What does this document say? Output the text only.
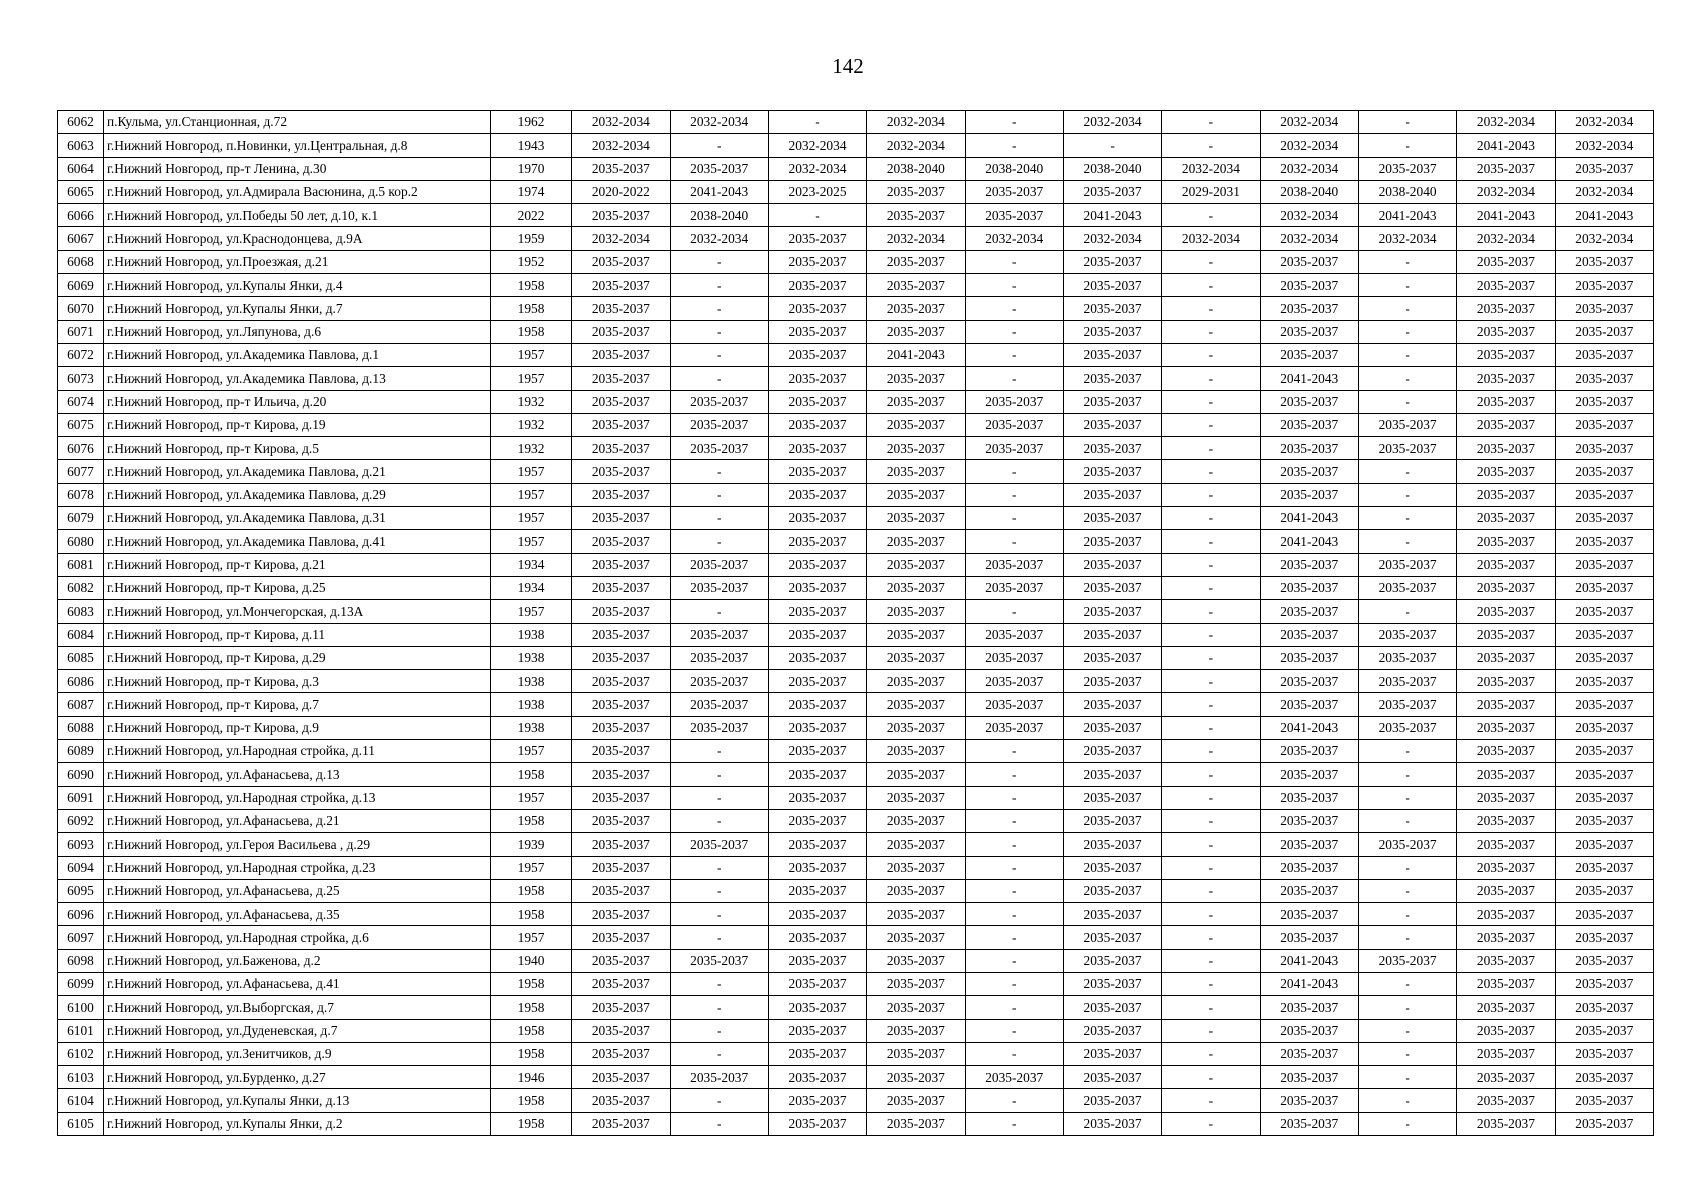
142
6062	п.Кульма, ул.Станционная, д.72	1962	2032-2034	2032-2034	-	2032-2034	-	2032-2034	-	2032-2034	-	2032-2034	2032-2034
6063	г.Нижний Новгород, п.Новинки, ул.Центральная, д.8	1943	2032-2034	-	2032-2034	2032-2034	-	-	-	2032-2034	-	2041-2043	2032-2034
6064	г.Нижний Новгород, пр-т Ленина, д.30	1970	2035-2037	2035-2037	2032-2034	2038-2040	2038-2040	2038-2040	2032-2034	2032-2034	2035-2037	2035-2037	2035-2037
6065	г.Нижний Новгород, ул.Адмирала Васюнина, д.5 кор.2	1974	2020-2022	2041-2043	2023-2025	2035-2037	2035-2037	2035-2037	2029-2031	2038-2040	2038-2040	2032-2034	2032-2034
6066	г.Нижний Новгород, ул.Победы 50 лет, д.10, к.1	2022	2035-2037	2038-2040	-	2035-2037	2035-2037	2041-2043	-	2032-2034	2041-2043	2041-2043	2041-2043
6067	г.Нижний Новгород, ул.Краснодонцева, д.9А	1959	2032-2034	2032-2034	2035-2037	2032-2034	2032-2034	2032-2034	2032-2034	2032-2034	2032-2034	2032-2034	2032-2034
6068	г.Нижний Новгород, ул.Проезжая, д.21	1952	2035-2037	-	2035-2037	2035-2037	-	2035-2037	-	2035-2037	-	2035-2037	2035-2037
6069	г.Нижний Новгород, ул.Купалы Янки, д.4	1958	2035-2037	-	2035-2037	2035-2037	-	2035-2037	-	2035-2037	-	2035-2037	2035-2037
6070	г.Нижний Новгород, ул.Купалы Янки, д.7	1958	2035-2037	-	2035-2037	2035-2037	-	2035-2037	-	2035-2037	-	2035-2037	2035-2037
6071	г.Нижний Новгород, ул.Ляпунова, д.6	1958	2035-2037	-	2035-2037	2035-2037	-	2035-2037	-	2035-2037	-	2035-2037	2035-2037
6072	г.Нижний Новгород, ул.Академика Павлова, д.1	1957	2035-2037	-	2035-2037	2041-2043	-	2035-2037	-	2035-2037	-	2035-2037	2035-2037
6073	г.Нижний Новгород, ул.Академика Павлова, д.13	1957	2035-2037	-	2035-2037	2035-2037	-	2035-2037	-	2041-2043	-	2035-2037	2035-2037
6074	г.Нижний Новгород, пр-т Ильича, д.20	1932	2035-2037	2035-2037	2035-2037	2035-2037	2035-2037	2035-2037	-	2035-2037	-	2035-2037	2035-2037
6075	г.Нижний Новгород, пр-т Кирова, д.19	1932	2035-2037	2035-2037	2035-2037	2035-2037	2035-2037	2035-2037	-	2035-2037	2035-2037	2035-2037	2035-2037
6076	г.Нижний Новгород, пр-т Кирова, д.5	1932	2035-2037	2035-2037	2035-2037	2035-2037	2035-2037	2035-2037	-	2035-2037	2035-2037	2035-2037	2035-2037
6077	г.Нижний Новгород, ул.Академика Павлова, д.21	1957	2035-2037	-	2035-2037	2035-2037	-	2035-2037	-	2035-2037	-	2035-2037	2035-2037
6078	г.Нижний Новгород, ул.Академика Павлова, д.29	1957	2035-2037	-	2035-2037	2035-2037	-	2035-2037	-	2035-2037	-	2035-2037	2035-2037
6079	г.Нижний Новгород, ул.Академика Павлова, д.31	1957	2035-2037	-	2035-2037	2035-2037	-	2035-2037	-	2041-2043	-	2035-2037	2035-2037
6080	г.Нижний Новгород, ул.Академика Павлова, д.41	1957	2035-2037	-	2035-2037	2035-2037	-	2035-2037	-	2041-2043	-	2035-2037	2035-2037
6081	г.Нижний Новгород, пр-т Кирова, д.21	1934	2035-2037	2035-2037	2035-2037	2035-2037	2035-2037	2035-2037	-	2035-2037	2035-2037	2035-2037	2035-2037
6082	г.Нижний Новгород, пр-т Кирова, д.25	1934	2035-2037	2035-2037	2035-2037	2035-2037	2035-2037	2035-2037	-	2035-2037	2035-2037	2035-2037	2035-2037
6083	г.Нижний Новгород, ул.Мончегорская, д.13А	1957	2035-2037	-	2035-2037	2035-2037	-	2035-2037	-	2035-2037	-	2035-2037	2035-2037
6084	г.Нижний Новгород, пр-т Кирова, д.11	1938	2035-2037	2035-2037	2035-2037	2035-2037	2035-2037	2035-2037	-	2035-2037	2035-2037	2035-2037	2035-2037
6085	г.Нижний Новгород, пр-т Кирова, д.29	1938	2035-2037	2035-2037	2035-2037	2035-2037	2035-2037	2035-2037	-	2035-2037	2035-2037	2035-2037	2035-2037
6086	г.Нижний Новгород, пр-т Кирова, д.3	1938	2035-2037	2035-2037	2035-2037	2035-2037	2035-2037	2035-2037	-	2035-2037	2035-2037	2035-2037	2035-2037
6087	г.Нижний Новгород, пр-т Кирова, д.7	1938	2035-2037	2035-2037	2035-2037	2035-2037	2035-2037	2035-2037	-	2035-2037	2035-2037	2035-2037	2035-2037
6088	г.Нижний Новгород, пр-т Кирова, д.9	1938	2035-2037	2035-2037	2035-2037	2035-2037	2035-2037	2035-2037	-	2041-2043	2035-2037	2035-2037	2035-2037
6089	г.Нижний Новгород, ул.Народная стройка, д.11	1957	2035-2037	-	2035-2037	2035-2037	-	2035-2037	-	2035-2037	-	2035-2037	2035-2037
6090	г.Нижний Новгород, ул.Афанасьева, д.13	1958	2035-2037	-	2035-2037	2035-2037	-	2035-2037	-	2035-2037	-	2035-2037	2035-2037
6091	г.Нижний Новгород, ул.Народная стройка, д.13	1957	2035-2037	-	2035-2037	2035-2037	-	2035-2037	-	2035-2037	-	2035-2037	2035-2037
6092	г.Нижний Новгород, ул.Афанасьева, д.21	1958	2035-2037	-	2035-2037	2035-2037	-	2035-2037	-	2035-2037	-	2035-2037	2035-2037
6093	г.Нижний Новгород, ул.Героя Васильева , д.29	1939	2035-2037	2035-2037	2035-2037	2035-2037	-	2035-2037	-	2035-2037	2035-2037	2035-2037	2035-2037
6094	г.Нижний Новгород, ул.Народная стройка, д.23	1957	2035-2037	-	2035-2037	2035-2037	-	2035-2037	-	2035-2037	-	2035-2037	2035-2037
6095	г.Нижний Новгород, ул.Афанасьева, д.25	1958	2035-2037	-	2035-2037	2035-2037	-	2035-2037	-	2035-2037	-	2035-2037	2035-2037
6096	г.Нижний Новгород, ул.Афанасьева, д.35	1958	2035-2037	-	2035-2037	2035-2037	-	2035-2037	-	2035-2037	-	2035-2037	2035-2037
6097	г.Нижний Новгород, ул.Народная стройка, д.6	1957	2035-2037	-	2035-2037	2035-2037	-	2035-2037	-	2035-2037	-	2035-2037	2035-2037
6098	г.Нижний Новгород, ул.Баженова, д.2	1940	2035-2037	2035-2037	2035-2037	2035-2037	-	2035-2037	-	2041-2043	2035-2037	2035-2037	2035-2037
6099	г.Нижний Новгород, ул.Афанасьева, д.41	1958	2035-2037	-	2035-2037	2035-2037	-	2035-2037	-	2041-2043	-	2035-2037	2035-2037
6100	г.Нижний Новгород, ул.Выборгская, д.7	1958	2035-2037	-	2035-2037	2035-2037	-	2035-2037	-	2035-2037	-	2035-2037	2035-2037
6101	г.Нижний Новгород, ул.Дуденевская, д.7	1958	2035-2037	-	2035-2037	2035-2037	-	2035-2037	-	2035-2037	-	2035-2037	2035-2037
6102	г.Нижний Новгород, ул.Зенитчиков, д.9	1958	2035-2037	-	2035-2037	2035-2037	-	2035-2037	-	2035-2037	-	2035-2037	2035-2037
6103	г.Нижний Новгород, ул.Бурденко, д.27	1946	2035-2037	2035-2037	2035-2037	2035-2037	2035-2037	2035-2037	-	2035-2037	-	2035-2037	2035-2037
6104	г.Нижний Новгород, ул.Купалы Янки, д.13	1958	2035-2037	-	2035-2037	2035-2037	-	2035-2037	-	2035-2037	-	2035-2037	2035-2037
6105	г.Нижний Новгород, ул.Купалы Янки, д.2	1958	2035-2037	-	2035-2037	2035-2037	-	2035-2037	-	2035-2037	-	2035-2037	2035-2037
